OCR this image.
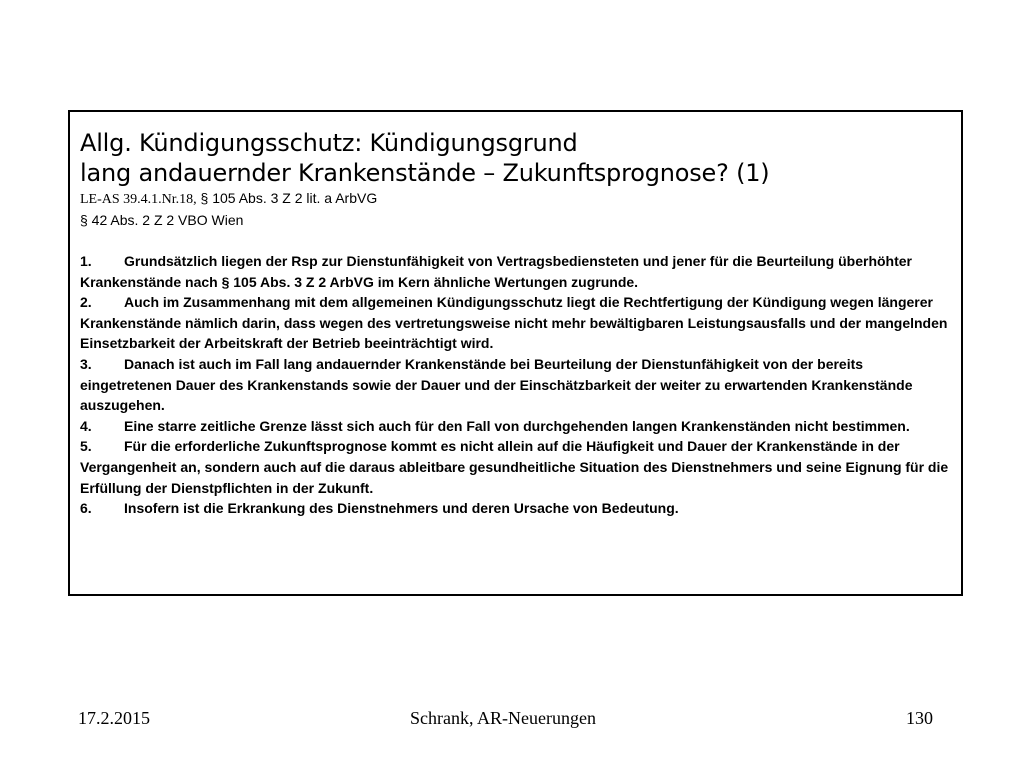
Allg. Kündigungsschutz: Kündigungsgrund
lang andauernder Krankenstände – Zukunftsprognose? (1)
LE-AS 39.4.1.Nr.18, § 105 Abs. 3 Z 2 lit. a ArbVG
§ 42 Abs. 2 Z 2 VBO Wien

1. Grundsätzlich liegen der Rsp zur Dienstunfähigkeit von Vertragsbediensteten und jener für die Beurteilung überhöhter Krankenstände nach § 105 Abs. 3 Z 2 ArbVG im Kern ähnliche Wertungen zugrunde.

2. Auch im Zusammenhang mit dem allgemeinen Kündigungsschutz liegt die Rechtfertigung der Kündigung wegen längerer Krankenstände nämlich darin, dass wegen des vertretungsweise nicht mehr bewältigbaren Leistungsausfalls und der mangelnden Einsetzbarkeit der Arbeitskraft der Betrieb beeinträchtigt wird.

3. Danach ist auch im Fall lang andauernder Krankenstände bei Beurteilung der Dienstunfähigkeit von der bereits eingetretenen Dauer des Krankenstands sowie der Dauer und der Einschätzbarkeit der weiter zu erwartenden Krankenstände auszugehen.

4. Eine starre zeitliche Grenze lässt sich auch für den Fall von durchgehenden langen Krankenständen nicht bestimmen.

5. Für die erforderliche Zukunftsprognose kommt es nicht allein auf die Häufigkeit und Dauer der Krankenstände in der Vergangenheit an, sondern auch auf die daraus ableitbare gesundheitliche Situation des Dienstnehmers und seine Eignung für die Erfüllung der Dienstpflichten in der Zukunft.

6. Insofern ist die Erkrankung des Dienstnehmers und deren Ursache von Bedeutung.

17.2.2015	Schrank, AR-Neuerungen	130
